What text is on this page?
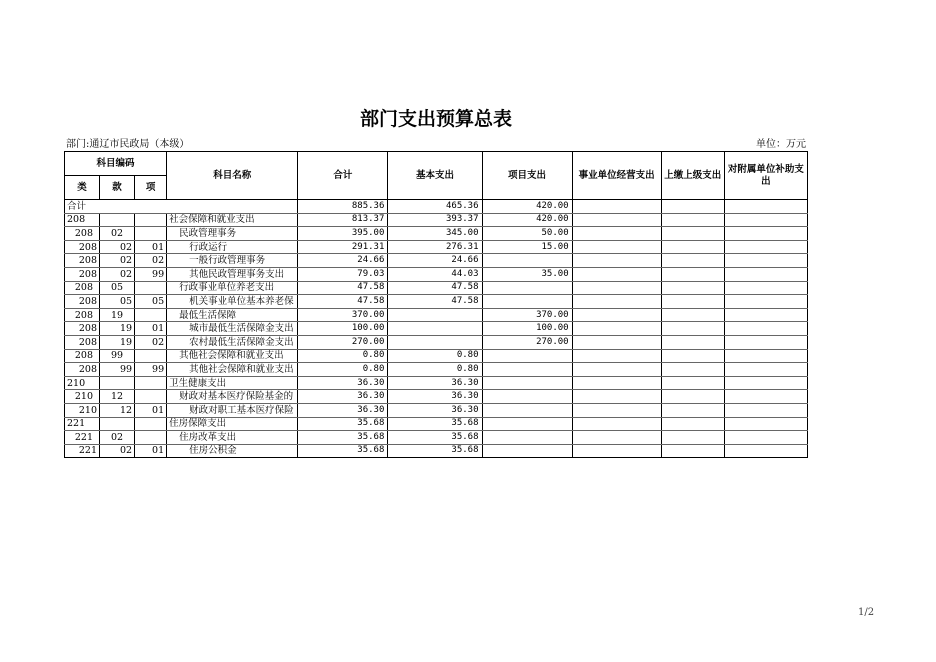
部门支出预算总表
部门:通辽市民政局（本级）	单位：万元
科目编码			科目名称	合计	基本支出	项目支出	事业单位经营支出	上缴上级支出	对附属单位补助支出
类	款	项							
合计				885.36	465.36	420.00			
208			社会保障和就业支出	813.37	393.37	420.00			
208	02		民政管理事务	395.00	345.00	50.00			
208	02	01	行政运行	291.31	276.31	15.00			
208	02	02	一般行政管理事务	24.66	24.66				
208	02	99	其他民政管理事务支出	79.03	44.03	35.00			
208	05		行政事业单位养老支出	47.58	47.58				
208	05	05	机关事业单位基本养老保	47.58	47.58				
208	19		最低生活保障	370.00		370.00			
208	19	01	城市最低生活保障金支出	100.00		100.00			
208	19	02	农村最低生活保障金支出	270.00		270.00			
208	99		其他社会保障和就业支出	0.80	0.80				
208	99	99	其他社会保障和就业支出	0.80	0.80				
210			卫生健康支出	36.30	36.30				
210	12		财政对基本医疗保险基金的	36.30	36.30				
210	12	01	财政对职工基本医疗保险	36.30	36.30				
221			住房保障支出	35.68	35.68				
221	02		住房改革支出	35.68	35.68				
221	02	01	住房公积金	35.68	35.68				
1/2
